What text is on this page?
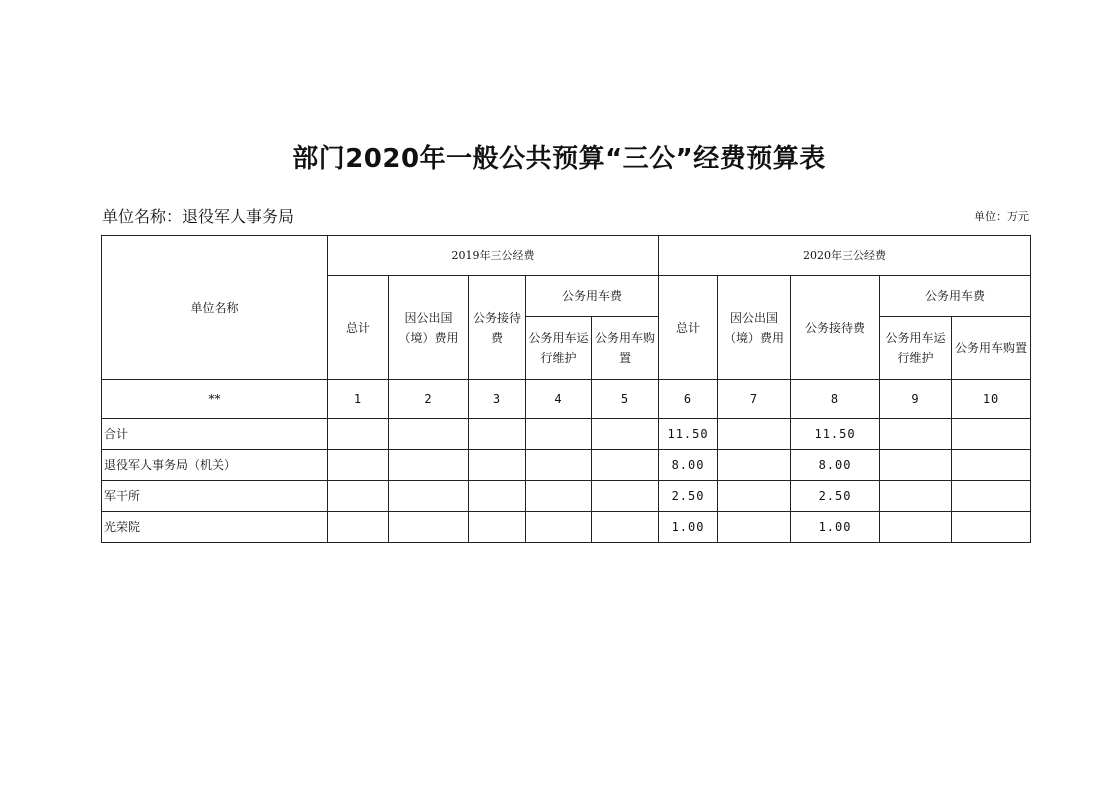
部门2020年一般公共预算“三公”经费预算表
单位名称：退役军人事务局	单位：万元
单位名称	2019年三公经费					2020年三公经费				
	总计	因公出国（境）费用	公务接待费	公务用车费		总计	因公出国（境）费用	公务接待费	公务用车费	
				公务用车运行维护	公务用车购置				公务用车运行维护	公务用车购置
**	1	2	3	4	5	6	7	8	9	10
合计						11.50		11.50		
退役军人事务局（机关）						8.00		8.00		
军干所						2.50		2.50		
光荣院						1.00		1.00		
